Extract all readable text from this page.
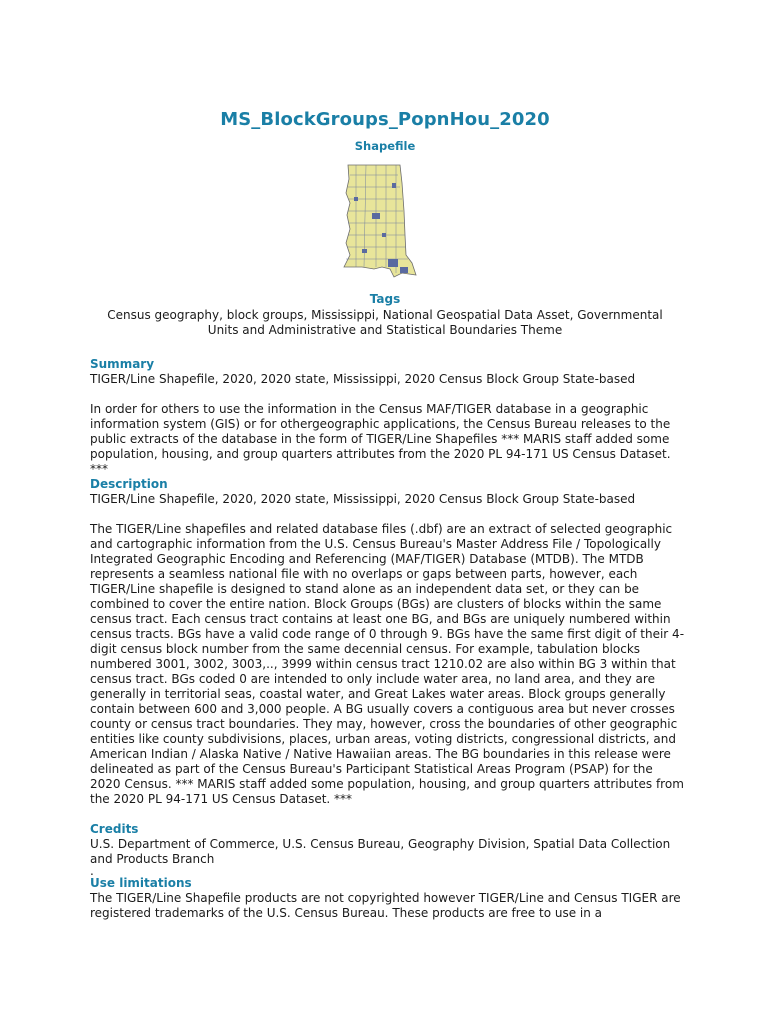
MS_BlockGroups_PopnHou_2020
Shapefile
Tags
Census geography, block groups, Mississippi, National Geospatial Data Asset, Governmental Units and Administrative and Statistical Boundaries Theme

Summary

TIGER/Line Shapefile, 2020, 2020 state, Mississippi, 2020 Census Block Group State-based

In order for others to use the information in the Census MAF/TIGER database in a geographic information system (GIS) or for othergeographic applications, the Census Bureau releases to the public extracts of the database in the form of TIGER/Line Shapefiles *** MARIS staff added some population, housing, and group quarters attributes from the 2020 PL 94-171 US Census Dataset. ***

Description

TIGER/Line Shapefile, 2020, 2020 state, Mississippi, 2020 Census Block Group State-based

The TIGER/Line shapefiles and related database files (.dbf) are an extract of selected geographic and cartographic information from the U.S. Census Bureau's Master Address File / Topologically Integrated Geographic Encoding and Referencing (MAF/TIGER) Database (MTDB). The MTDB represents a seamless national file with no overlaps or gaps between parts, however, each TIGER/Line shapefile is designed to stand alone as an independent data set, or they can be combined to cover the entire nation. Block Groups (BGs) are clusters of blocks within the same census tract. Each census tract contains at least one BG, and BGs are uniquely numbered within census tracts. BGs have a valid code range of 0 through 9. BGs have the same first digit of their 4-digit census block number from the same decennial census. For example, tabulation blocks numbered 3001, 3002, 3003,.., 3999 within census tract 1210.02 are also within BG 3 within that census tract. BGs coded 0 are intended to only include water area, no land area, and they are generally in territorial seas, coastal water, and Great Lakes water areas. Block groups generally contain between 600 and 3,000 people. A BG usually covers a contiguous area but never crosses county or census tract boundaries. They may, however, cross the boundaries of other geographic entities like county subdivisions, places, urban areas, voting districts, congressional districts, and American Indian / Alaska Native / Native Hawaiian areas. The BG boundaries in this release were delineated as part of the Census Bureau's Participant Statistical Areas Program (PSAP) for the 2020 Census. *** MARIS staff added some population, housing, and group quarters attributes from the 2020 PL 94-171 US Census Dataset. ***

Credits

U.S. Department of Commerce, U.S. Census Bureau, Geography Division, Spatial Data Collection and Products Branch

.

Use limitations

The TIGER/Line Shapefile products are not copyrighted however TIGER/Line and Census TIGER are registered trademarks of the U.S. Census Bureau. These products are free to use in a
